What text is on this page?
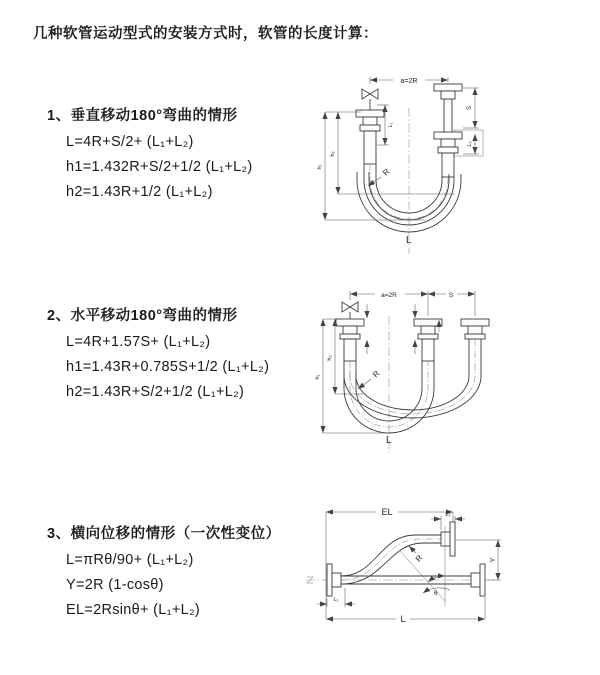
几种软管运动型式的安装方式时，软管的长度计算：
1、垂直移动180°弯曲的情形
L=4R+S/2+ (L₁+L₂)
h1=1.432R+S/2+1/2 (L₁+L₂)
h2=1.43R+1/2 (L₁+L₂)
a=2R
L₁
S
L₂
h₂
h₁
R
L
2、水平移动180°弯曲的情形
L=4R+1.57S+ (L₁+L₂)
h1=1.43R+0.785S+1/2 (L₁+L₂)
h2=1.43R+S/2+1/2 (L₁+L₂)
a=2R	S
h₂
h₁	R
L
3、横向位移的情形（一次性变位）
L=πRθ/90+ (L₁+L₂)
Y=2R (1-cosθ)
EL=2Rsinθ+ (L₁+L₂)
θ
R
EL	L₂
Y
L₁
L
